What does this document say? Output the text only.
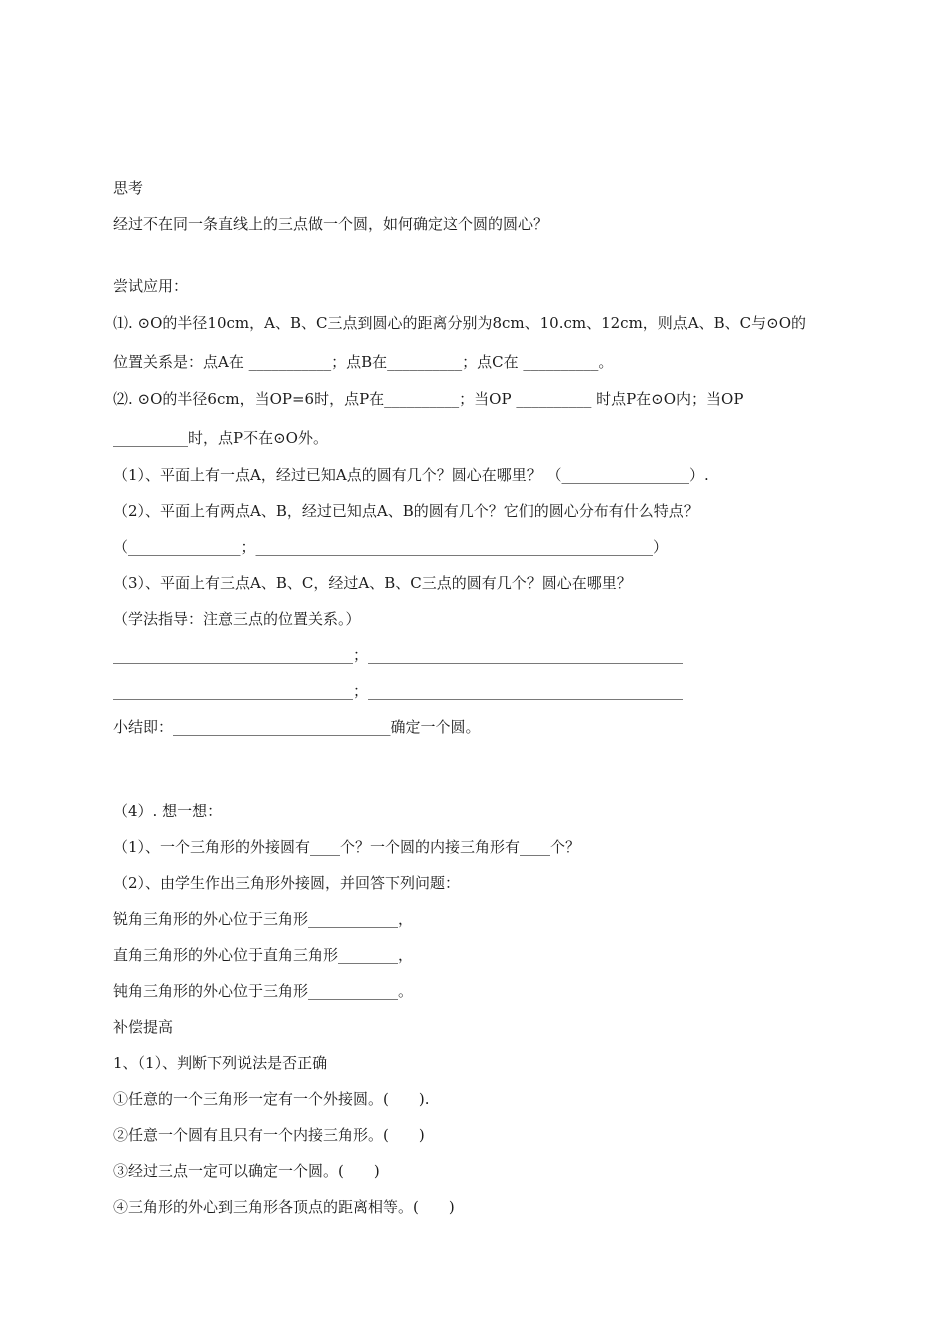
思考
经过不在同一条直线上的三点做一个圆，如何确定这个圆的圆心？
尝试应用：
⑴. ⊙O的半径10cm，A、B、C三点到圆心的距离分别为8cm、10.cm、12cm，则点A、B、C与⊙O的
位置关系是：点A在 ___________；点B在__________；点C在 __________。
⑵. ⊙O的半径6cm，当OP=6时，点P在__________；当OP __________ 时点P在⊙O内；当OP
__________时，点P不在⊙O外。
（1）、平面上有一点A，经过已知A点的圆有几个？圆心在哪里？ （_________________）.
（2）、平面上有两点A、B，经过已知点A、B的圆有几个？它们的圆心分布有什么特点？
（_______________；_____________________________________________________）
（3）、平面上有三点A、B、C，经过A、B、C三点的圆有几个？圆心在哪里？
（学法指导：注意三点的位置关系。）
________________________________；__________________________________________
________________________________；__________________________________________
小结即：_____________________________确定一个圆。
（4）. 想一想：
（1）、一个三角形的外接圆有____个？一个圆的内接三角形有____个？
（2）、由学生作出三角形外接圆，并回答下列问题：
锐角三角形的外心位于三角形____________，
直角三角形的外心位于直角三角形________，
钝角三角形的外心位于三角形____________。
补偿提高
1、（1）、判断下列说法是否正确
①任意的一个三角形一定有一个外接圆。(　　).
②任意一个圆有且只有一个内接三角形。(　　)
③经过三点一定可以确定一个圆。(　　)
④三角形的外心到三角形各顶点的距离相等。(　　)
